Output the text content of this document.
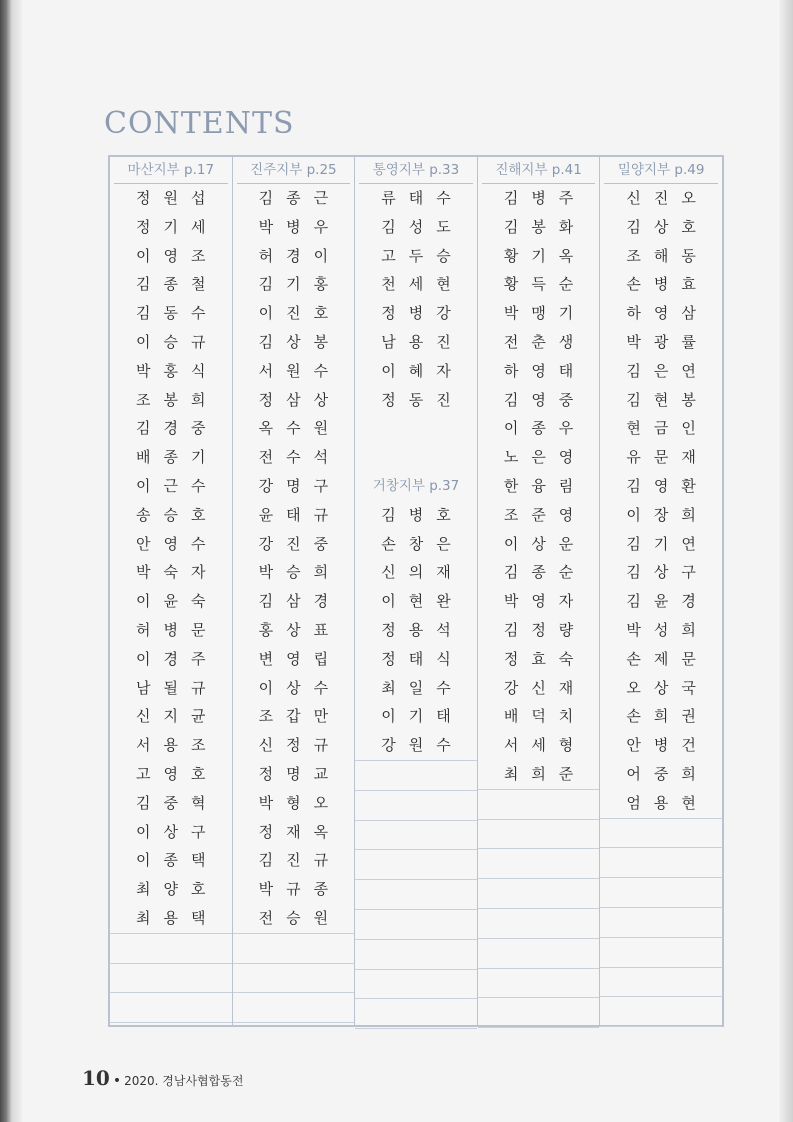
CONTENTS
마산지부 p.17
정원섭
정기세
이영조
김종철
김동수
이승규
박홍식
조봉희
김경중
배종기
이근수
송승호
안영수
박숙자
이윤숙
허병문
이경주
남될규
신지균
서용조
고영호
김중혁
이상구
이종택
최양호
최용택
진주지부 p.25
김종근
박병우
허경이
김기홍
이진호
김상봉
서원수
정삼상
옥수원
전수석
강명구
윤태규
강진중
박승희
김삼경
홍상표
변영립
이상수
조갑만
신정규
정명교
박형오
정재옥
김진규
박규종
전승원
통영지부 p.33
류태수
김성도
고두승
천세현
정병강
남용진
이혜자
정동진
거창지부 p.37
김병호
손창은
신의재
이현완
정용석
정태식
최일수
이기태
강원수
진해지부 p.41
김병주
김봉화
황기옥
황득순
박맹기
전춘생
하영태
김영중
이종우
노은영
한융림
조준영
이상운
김종순
박영자
김정량
정효숙
강신재
배덕치
서세형
최희준
밀양지부 p.49
신진오
김상호
조해동
손병효
하영삼
박광률
김은연
김현봉
현금인
유문재
김영환
이장희
김기연
김상구
김윤경
박성희
손제문
오상국
손희권
안병건
어중희
엄용현
10 • 2020. 경남사협합동전
